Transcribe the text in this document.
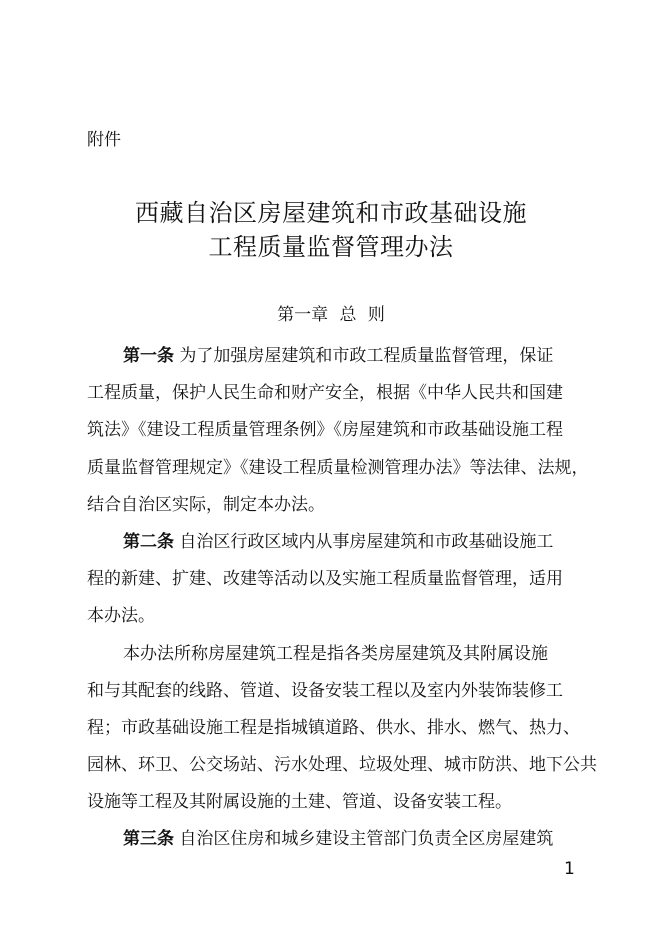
附件
西藏自治区房屋建筑和市政基础设施
工程质量监督管理办法
第一章 总 则
第一条 为了加强房屋建筑和市政工程质量监督管理，保证
工程质量，保护人民生命和财产安全，根据《中华人民共和国建
筑法》《建设工程质量管理条例》《房屋建筑和市政基础设施工程
质量监督管理规定》《建设工程质量检测管理办法》等法律、法规，
结合自治区实际，制定本办法。
第二条 自治区行政区域内从事房屋建筑和市政基础设施工
程的新建、扩建、改建等活动以及实施工程质量监督管理，适用
本办法。
本办法所称房屋建筑工程是指各类房屋建筑及其附属设施
和与其配套的线路、管道、设备安装工程以及室内外装饰装修工
程；市政基础设施工程是指城镇道路、供水、排水、燃气、热力、
园林、环卫、公交场站、污水处理、垃圾处理、城市防洪、地下公共
设施等工程及其附属设施的土建、管道、设备安装工程。
第三条 自治区住房和城乡建设主管部门负责全区房屋建筑
1
